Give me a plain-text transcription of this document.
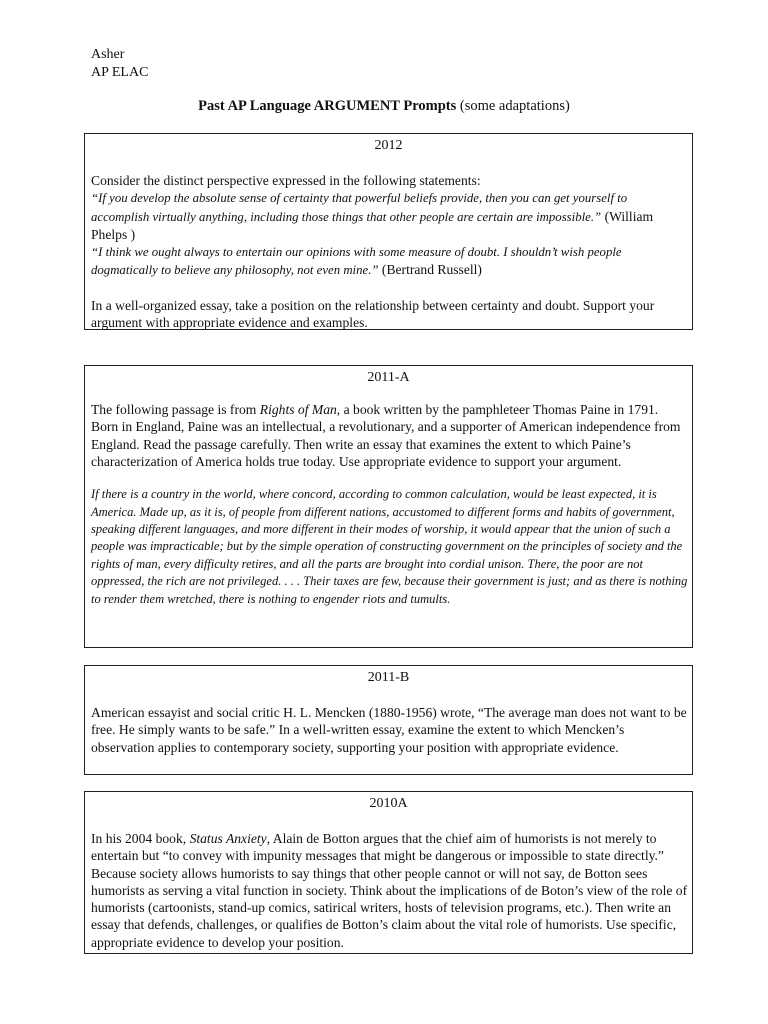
Asher
AP ELAC
Past AP Language ARGUMENT Prompts (some adaptations)
2012

Consider the distinct perspective expressed in the following statements:

“If you develop the absolute sense of certainty that powerful beliefs provide, then you can get yourself to accomplish virtually anything, including those things that other people are certain are impossible.” (William Phelps )

“I think we ought always to entertain our opinions with some measure of doubt. I shouldn’t wish people dogmatically to believe any philosophy, not even mine.” (Bertrand Russell)

In a well-organized essay, take a position on the relationship between certainty and doubt. Support your argument with appropriate evidence and examples.

2011-A

The following passage is from Rights of Man, a book written by the pamphleteer Thomas Paine in 1791. Born in England, Paine was an intellectual, a revolutionary, and a supporter of American independence from England. Read the passage carefully. Then write an essay that examines the extent to which Paine’s characterization of America holds true today. Use appropriate evidence to support your argument.

If there is a country in the world, where concord, according to common calculation, would be least expected, it is America. Made up, as it is, of people from different nations, accustomed to different forms and habits of government, speaking different languages, and more different in their modes of worship, it would appear that the union of such a people was impracticable; but by the simple operation of constructing government on the principles of society and the rights of man, every difficulty retires, and all the parts are brought into cordial unison. There, the poor are not oppressed, the rich are not privileged. . . . Their taxes are few, because their government is just; and as there is nothing to render them wretched, there is nothing to engender riots and tumults.

2011-B

American essayist and social critic H. L. Mencken (1880-1956) wrote, “The average man does not want to be free. He simply wants to be safe.” In a well-written essay, examine the extent to which Mencken’s observation applies to contemporary society, supporting your position with appropriate evidence.

2010A

In his 2004 book, Status Anxiety, Alain de Botton argues that the chief aim of humorists is not merely to entertain but “to convey with impunity messages that might be dangerous or impossible to state directly.” Because society allows humorists to say things that other people cannot or will not say, de Botton sees humorists as serving a vital function in society. Think about the implications of de Boton’s view of the role of humorists (cartoonists, stand-up comics, satirical writers, hosts of television programs, etc.). Then write an essay that defends, challenges, or qualifies de Botton’s claim about the vital role of humorists. Use specific, appropriate evidence to develop your position.
